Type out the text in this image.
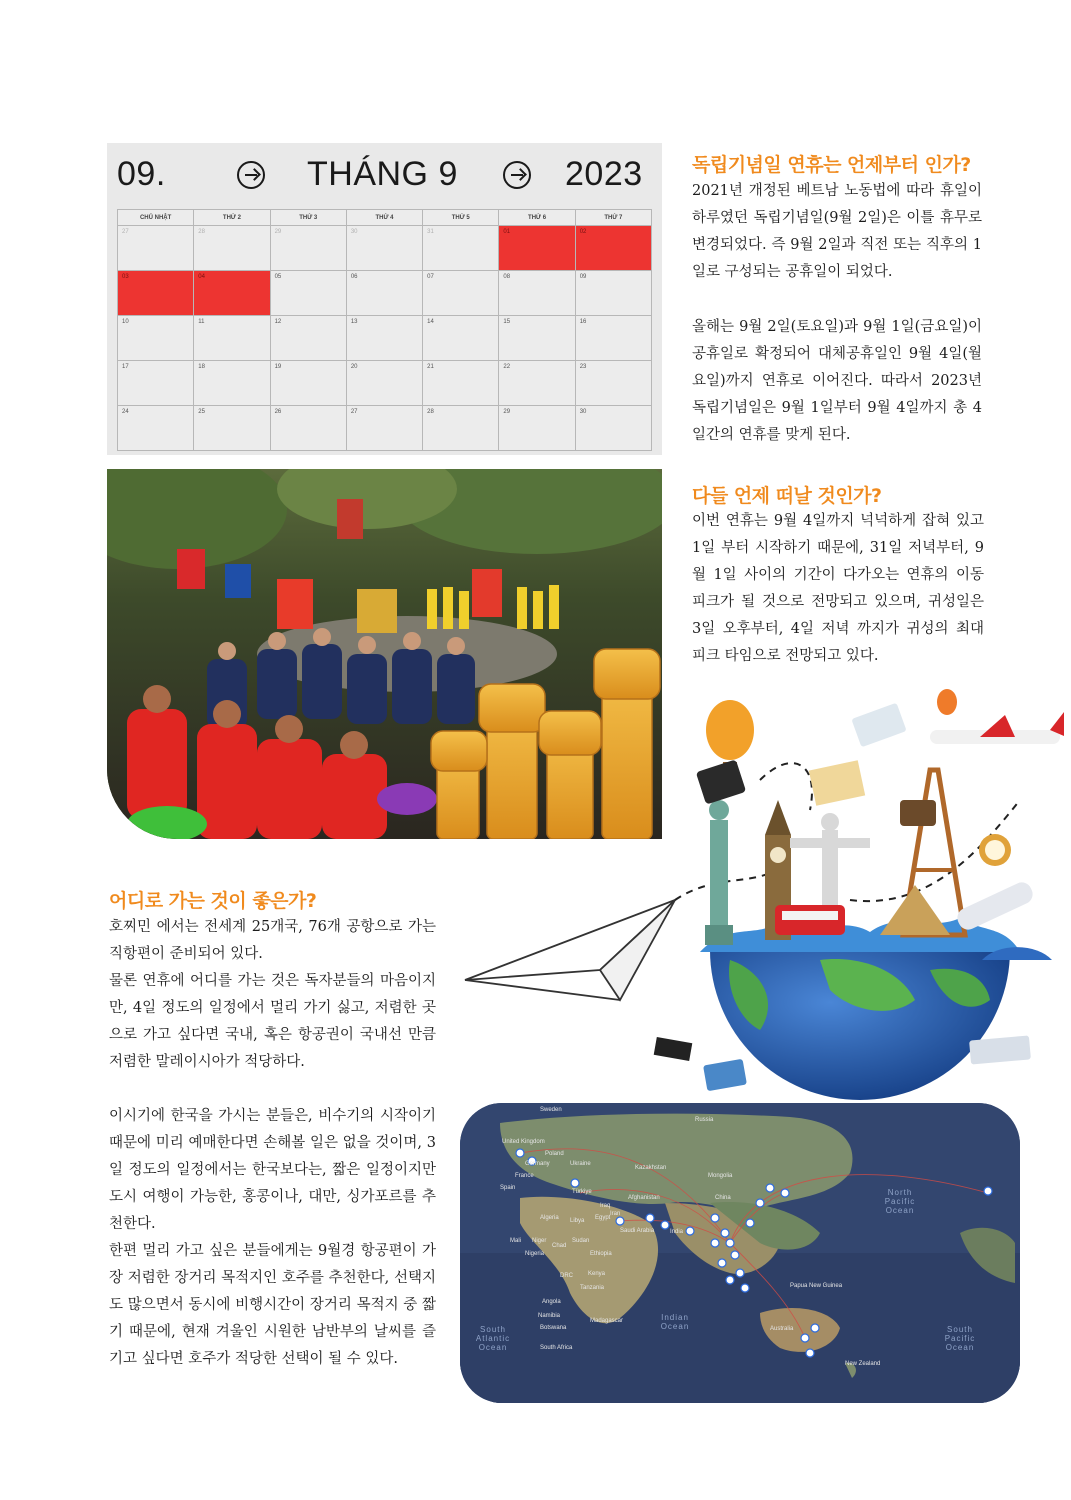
09.	THÁNG 9	2023
CHỦ NHẬT	THỨ 2	THỨ 3	THỨ 4	THỨ 5	THỨ 6	THỨ 7
27	28	29	30	31	01	02
03	04	05	06	07	08	09
10	11	12	13	14	15	16
17	18	19	20	21	22	23
24	25	26	27	28	29	30
독립기념일 연휴는 언제부터 인가?

2021년 개정된 베트남 노동법에 따라 휴일이 하루였던 독립기념일(9월 2일)은 이틀 휴무로 변경되었다. 즉 9월 2일과 직전 또는 직후의 1일로 구성되는 공휴일이 되었다.

올해는 9월 2일(토요일)과 9월 1일(금요일)이 공휴일로 확정되어 대체공휴일인 9월 4일(월요일)까지 연휴로 이어진다. 따라서 2023년 독립기념일은 9월 1일부터 9월 4일까지 총 4일간의 연휴를 맞게 된다.

다들 언제 떠날 것인가?

이번 연휴는 9월 4일까지 넉넉하게 잡혀 있고 1일 부터 시작하기 때문에, 31일 저녁부터, 9월 1일 사이의 기간이 다가오는 연휴의 이동 피크가 될 것으로 전망되고 있으며, 귀성일은 3일 오후부터, 4일 저녁 까지가 귀성의 최대 피크 타임으로 전망되고 있다.

어디로 가는 것이 좋은가?

호찌민 에서는 전세계 25개국, 76개 공항으로 가는 직항편이 준비되어 있다.

물론 연휴에 어디를 가는 것은 독자분들의 마음이지만, 4일 정도의 일정에서 멀리 가기 싫고, 저렴한 곳으로 가고 싶다면 국내, 혹은 항공권이 국내선 만큼 저렴한 말레이시아가 적당하다.

이시기에 한국을 가시는 분들은, 비수기의 시작이기 때문에 미리 예매한다면 손해볼 일은 없을 것이며, 3일 정도의 일정에서는 한국보다는, 짧은 일정이지만 도시 여행이 가능한, 홍콩이나, 대만, 싱가포르를 추천한다.

한편 멀리 가고 싶은 분들에게는 9월경 항공편이 가장 저렴한 장거리 목적지인 호주를 추천한다, 선택지도 많으면서 동시에 비행시간이 장거리 목적지 중 짧기 때문에, 현재 겨울인 시원한 남반부의 날씨를 즐기고 싶다면 호주가 적당한 선택이 될 수 있다.

Sweden
Russia
United Kingdom
Poland
Germany
France
Spain
Ukraine
Kazakhstan
Mongolia
Türkiye
Iraq
Afghanistan
Iran
China
Algeria Libya Egypt
Saudi Arabia	India
Mali Niger
Chad
Sudan
Nigeria	Ethiopia
DRC	Kenya
Tanzania
Angola
Namibia
Botswana
Madagascar
South Africa
Papua New Guinea
Australia
New Zealand
North Pacific Ocean
South Atlantic Ocean
Indian Ocean	South Pacific Ocean
